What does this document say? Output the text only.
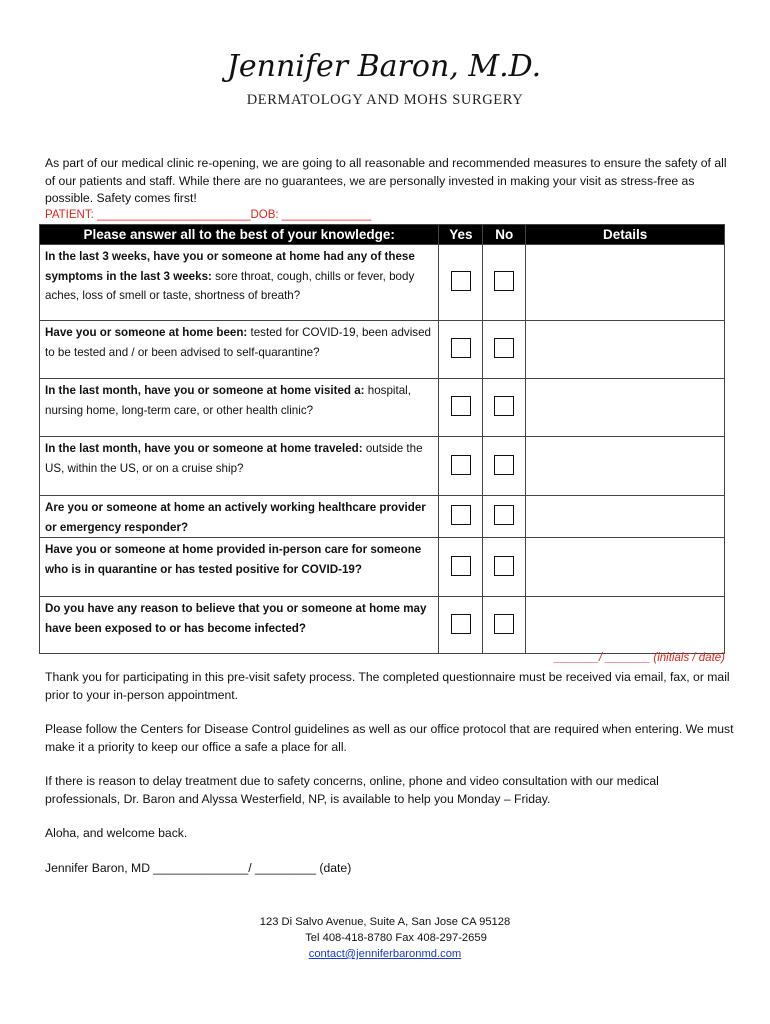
Jennifer Baron, M.D.
DERMATOLOGY AND MOHS SURGERY
As part of our medical clinic re-opening, we are going to all reasonable and recommended measures to ensure the safety of all of our patients and staff. While there are no guarantees, we are personally invested in making your visit as stress-free as possible. Safety comes first!
PATIENT: ________________________DOB: ______________
Please answer all to the best of your knowledge:	Yes	No	Details
In the last 3 weeks, have you or someone at home had any of these symptoms in the last 3 weeks: sore throat, cough, chills or fever, body aches, loss of smell or taste, shortness of breath?			
Have you or someone at home been: tested for COVID-19, been advised to be tested and / or been advised to self-quarantine?			
In the last month, have you or someone at home visited a: hospital, nursing home, long-term care, or other health clinic?			
In the last month, have you or someone at home traveled: outside the US, within the US, or on a cruise ship?			
Are you or someone at home an actively working healthcare provider or emergency responder?			
Have you or someone at home provided in-person care for someone who is in quarantine or has tested positive for COVID-19?			
Do you have any reason to believe that you or someone at home may have been exposed to or has become infected?			
_______/ _______ (initials / date)
Thank you for participating in this pre-visit safety process. The completed questionnaire must be received via email, fax, or mail prior to your in-person appointment.
Please follow the Centers for Disease Control guidelines as well as our office protocol that are required when entering. We must make it a priority to keep our office a safe a place for all.
If there is reason to delay treatment due to safety concerns, online, phone and video consultation with our medical professionals, Dr. Baron and Alyssa Westerfield, NP, is available to help you Monday – Friday.
Aloha, and welcome back.
Jennifer Baron, MD ______________/ _________ (date)
123 Di Salvo Avenue, Suite A, San Jose CA 95128
Tel 408-418-8780 Fax 408-297-2659
contact@jenniferbaronmd.com
